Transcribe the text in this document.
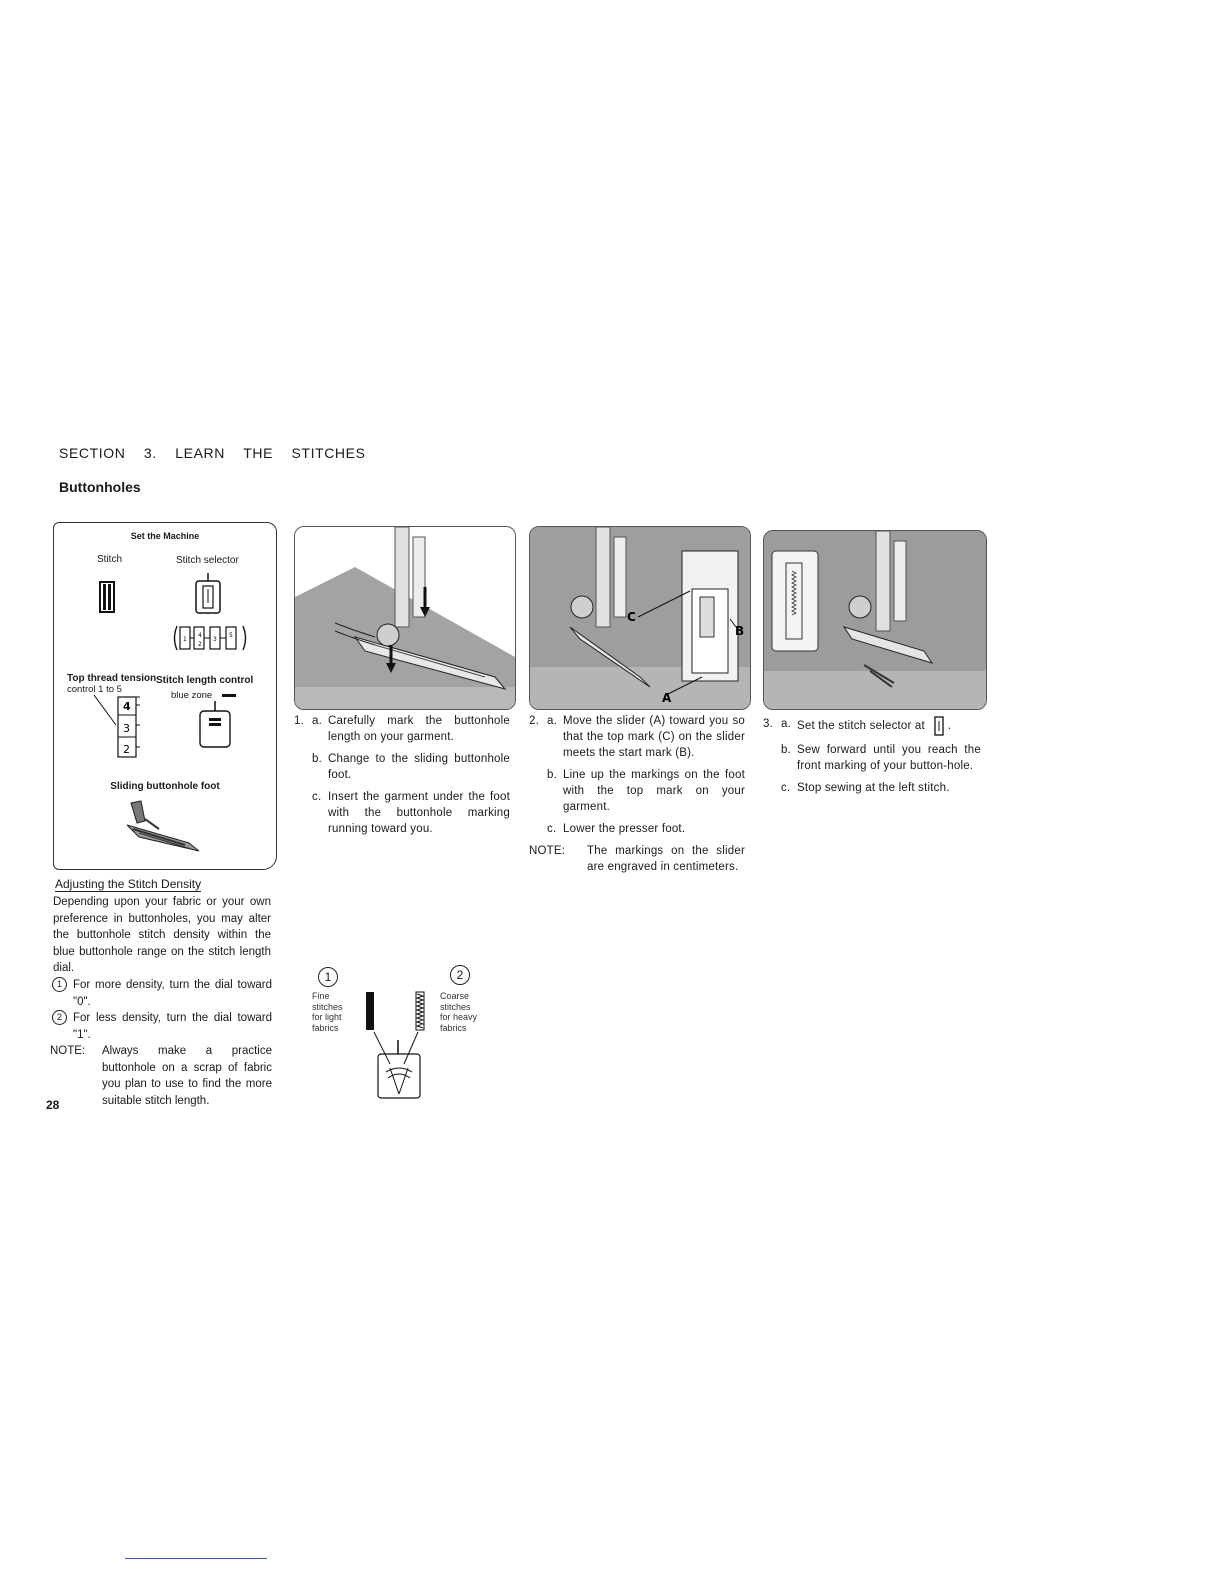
SECTION 3. LEARN THE STITCHES
Buttonholes
Set the Machine
Stitch	Stitch selector
4
2
3
5
1
Top thread tension
control 1 to 5
Stitch length control
blue zone
4
3
2
Sliding buttonhole foot
C
B
A
1. a. Carefully mark the buttonhole length on your garment.
b. Change to the sliding buttonhole foot.
c. Insert the garment under the foot with the buttonhole marking running toward you.
2. a. Move the slider (A) toward you so that the top mark (C) on the slider meets the start mark (B).
b. Line up the markings on the foot with the top mark on your garment.
c. Lower the presser foot.
NOTE:	The markings on the slider are engraved in centimeters.
3. a. Set the stitch selector at  .
b. Sew forward until you reach the front marking of your button-hole.
c. Stop sewing at the left stitch.
Adjusting the Stitch Density
Depending upon your fabric or your own preference in buttonholes, you may alter the buttonhole stitch density within the blue buttonhole range on the stitch length dial.
1 For more density, turn the dial toward "0".
2 For less density, turn the dial toward "1".
NOTE:	Always make a practice buttonhole on a scrap of fabric you plan to use to find the more suitable stitch length.
1	2
Fine
stitches
for light
fabrics
Coarse
stitches
for heavy
fabrics
28
